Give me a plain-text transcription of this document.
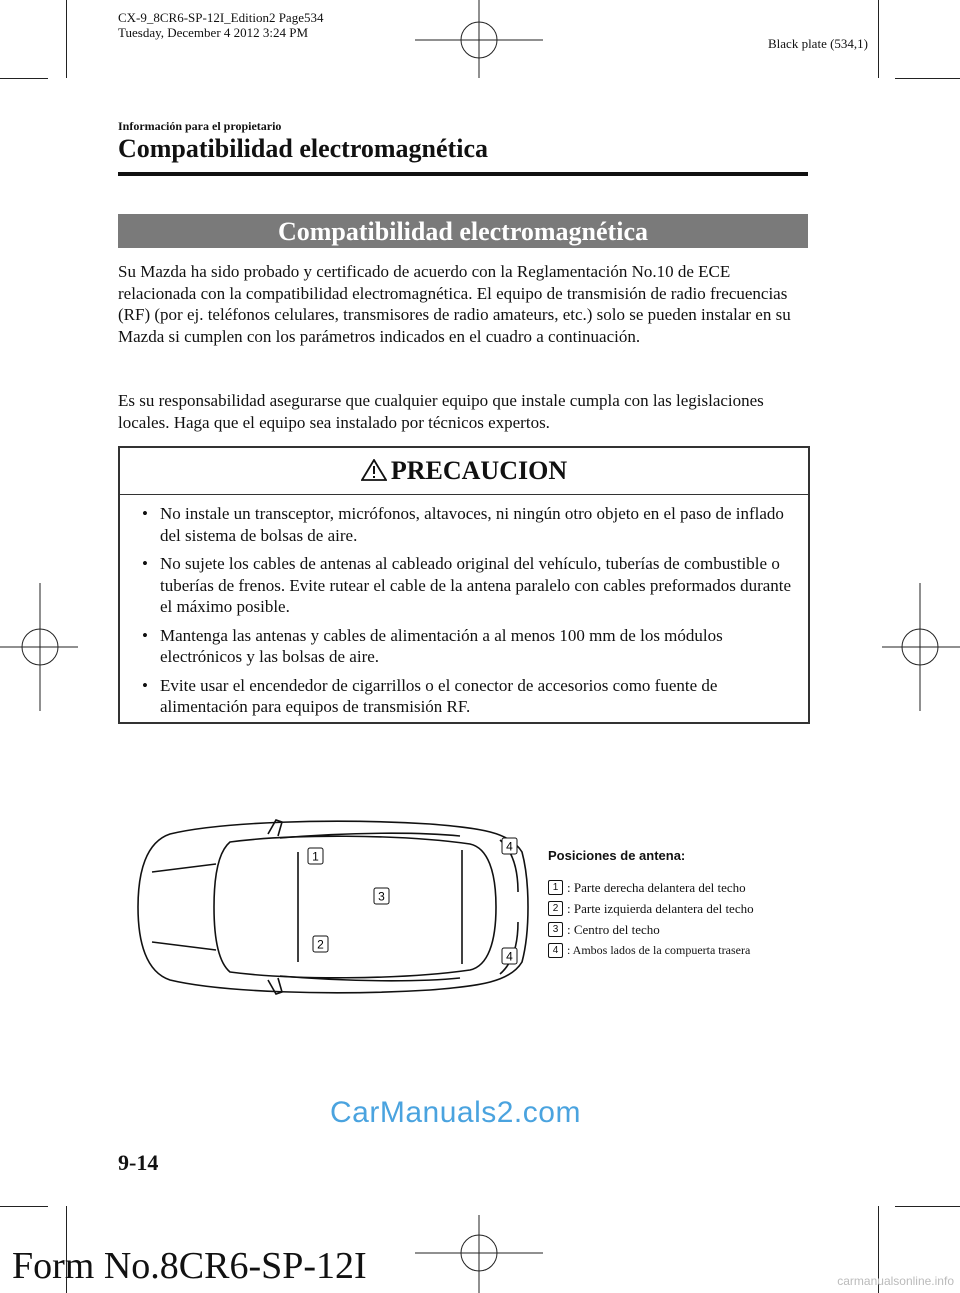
CX-9_8CR6-SP-12I_Edition2 Page534
Tuesday, December 4 2012 3:24 PM
Black plate (534,1)
Información para el propietario
Compatibilidad electromagnética
Compatibilidad electromagnética
Su Mazda ha sido probado y certificado de acuerdo con la Reglamentación No.10 de ECE relacionada con la compatibilidad electromagnética. El equipo de transmisión de radio frecuencias (RF) (por ej. teléfonos celulares, transmisores de radio amateurs, etc.) solo se pueden instalar en su Mazda si cumplen con los parámetros indicados en el cuadro a continuación.
Es su responsabilidad asegurarse que cualquier equipo que instale cumpla con las legislaciones locales. Haga que el equipo sea instalado por técnicos expertos.
PRECAUCION
• No instale un transceptor, micrófonos, altavoces, ni ningún otro objeto en el paso de inflado del sistema de bolsas de aire.
• No sujete los cables de antenas al cableado original del vehículo, tuberías de combustible o tuberías de frenos. Evite rutear el cable de la antena paralelo con cables preformados durante el máximo posible.
• Mantenga las antenas y cables de alimentación a al menos 100 mm de los módulos electrónicos y las bolsas de aire.
• Evite usar el encendedor de cigarrillos o el conector de accesorios como fuente de alimentación para equipos de transmisión RF.
1
2
3
4
4
Posiciones de antena:
1 : Parte derecha delantera del techo
2 : Parte izquierda delantera del techo
3 : Centro del techo
4 : Ambos lados de la compuerta trasera
CarManuals2.com
9-14
Form No.8CR6-SP-12I	carmanualsonline.info
